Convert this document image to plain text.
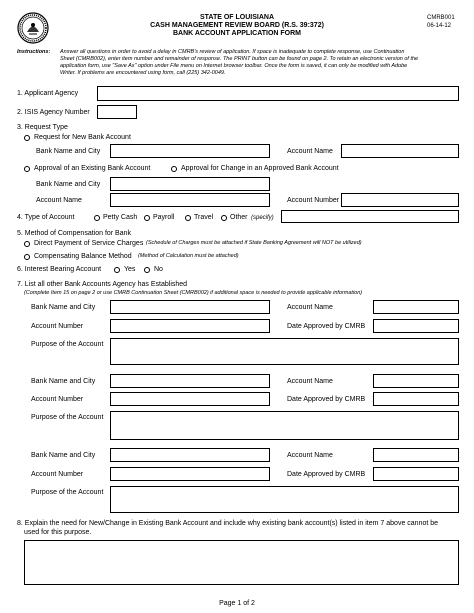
STATE OF LOUISIANA
CASH MANAGEMENT REVIEW BOARD (R.S. 39:372)
BANK ACCOUNT APPLICATION FORM
CMRB001
06-14-12
Instructions: Answer all questions in order to avoid a delay in CMRB's review of application. If space is inadequate to complete response, use Continuation
Sheet (CMRB002), enter item number and remainder of response. The PRINT button can be found on page 2. To retain an electronic version of the
application form, use "Save As" option under File menu on Internet browser toolbar. Once the form is saved, it can only be modified with Adobe
Writer. If problems are encountered using form, call (225) 342-0049.
1. Applicant Agency
2. ISIS Agency Number
3. Request Type
Request for New Bank Account
Bank Name and City	Account Name
Approval of an Existing Bank Account	Approval for Change in an Approved Bank Account
Bank Name and City
Account Name	Account Number
4. Type of Account	Petty Cash Payroll	Travel Other (specify)
5. Method of Compensation for Bank
Direct Payment of Service Charges (Schedule of Charges must be attached if State Banking Agreement will NOT be utilized)
Compensating Balance Method (Method of Calculation must be attached)
6. Interest Bearing Account	Yes	No
7. List all other Bank Accounts Agency has Established
(Complete Item 15 on page 2 or use CMRB Continuation Sheet (CMRB002) if additional space is needed to provide applicable information)
Bank Name and City	Account Name
Account Number	Date Approved by CMRB
Purpose of the Account
Bank Name and City	Account Name
Account Number	Date Approved by CMRB
Purpose of the Account
Bank Name and City	Account Name
Account Number	Date Approved by CMRB
Purpose of the Account
8. Explain the need for New/Change in Existing Bank Account and include why existing bank account(s) listed in item 7 above cannot be
used for this purpose.
Page 1 of 2
